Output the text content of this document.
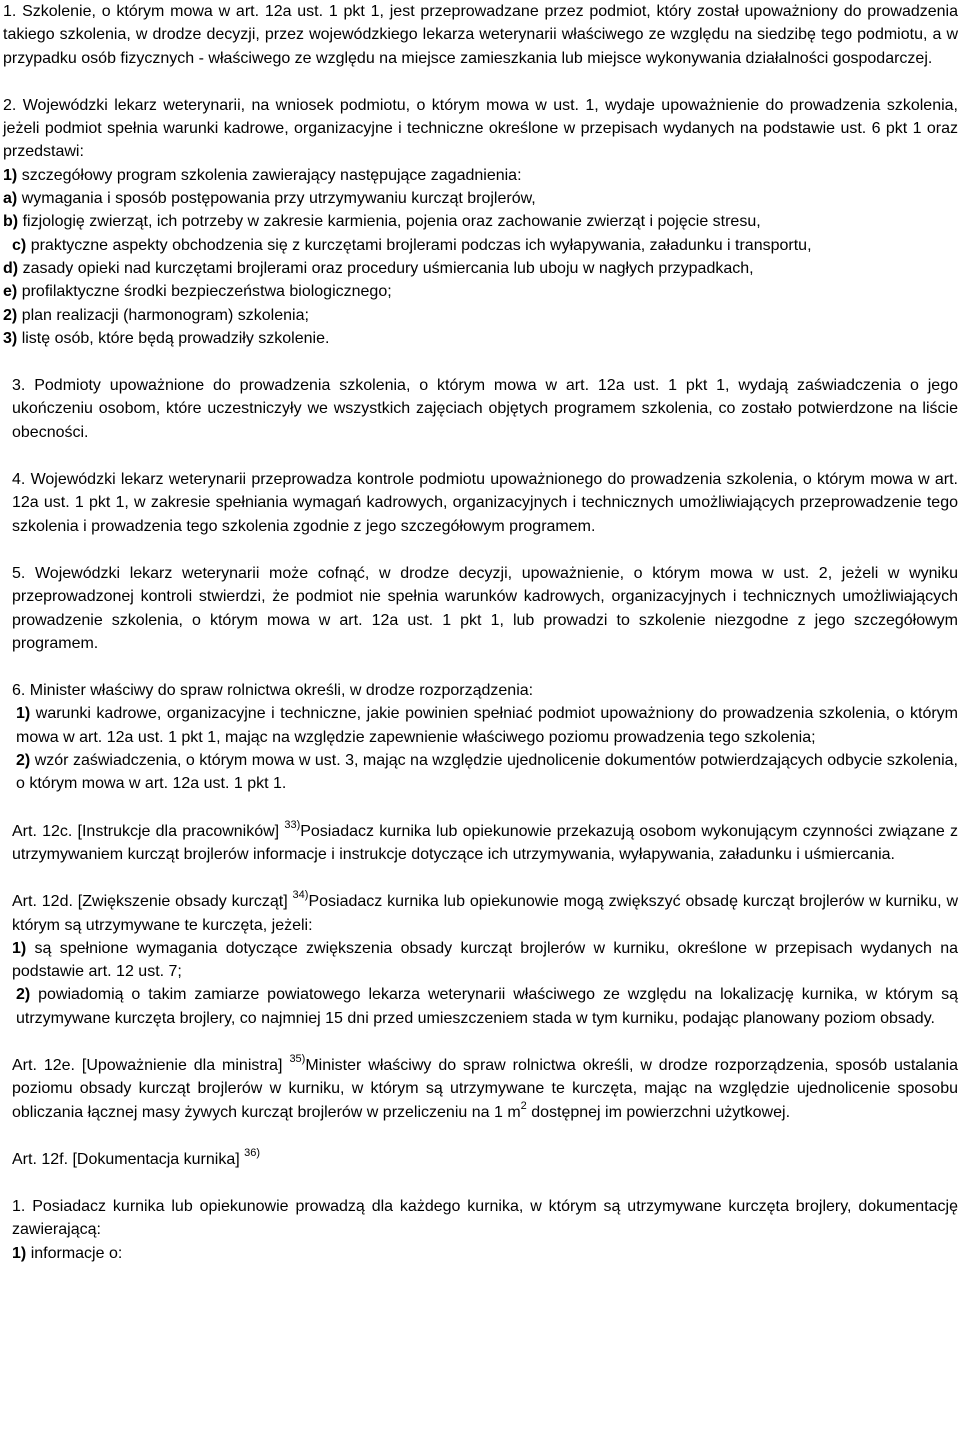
1. Szkolenie, o którym mowa w art. 12a ust. 1 pkt 1, jest przeprowadzane przez podmiot, który został upoważniony do prowadzenia takiego szkolenia, w drodze decyzji, przez wojewódzkiego lekarza weterynarii właściwego ze względu na siedzibę tego podmiotu, a w przypadku osób fizycznych - właściwego ze względu na miejsce zamieszkania lub miejsce wykonywania działalności gospodarczej.

2. Wojewódzki lekarz weterynarii, na wniosek podmiotu, o którym mowa w ust. 1, wydaje upoważnienie do prowadzenia szkolenia, jeżeli podmiot spełnia warunki kadrowe, organizacyjne i techniczne określone w przepisach wydanych na podstawie ust. 6 pkt 1 oraz przedstawi:

1) szczegółowy program szkolenia zawierający następujące zagadnienia:

a) wymagania i sposób postępowania przy utrzymywaniu kurcząt brojlerów,

b) fizjologię zwierząt, ich potrzeby w zakresie karmienia, pojenia oraz zachowanie zwierząt i pojęcie stresu,

c) praktyczne aspekty obchodzenia się z kurczętami brojlerami podczas ich wyłapywania, załadunku i transportu,

d) zasady opieki nad kurczętami brojlerami oraz procedury uśmiercania lub uboju w nagłych przypadkach,

e) profilaktyczne środki bezpieczeństwa biologicznego;

2) plan realizacji (harmonogram) szkolenia;

3) listę osób, które będą prowadziły szkolenie.

3. Podmioty upoważnione do prowadzenia szkolenia, o którym mowa w art. 12a ust. 1 pkt 1, wydają zaświadczenia o jego ukończeniu osobom, które uczestniczyły we wszystkich zajęciach objętych programem szkolenia, co zostało potwierdzone na liście obecności.

4. Wojewódzki lekarz weterynarii przeprowadza kontrole podmiotu upoważnionego do prowadzenia szkolenia, o którym mowa w art. 12a ust. 1 pkt 1, w zakresie spełniania wymagań kadrowych, organizacyjnych i technicznych umożliwiających przeprowadzenie tego szkolenia i prowadzenia tego szkolenia zgodnie z jego szczegółowym programem.

5. Wojewódzki lekarz weterynarii może cofnąć, w drodze decyzji, upoważnienie, o którym mowa w ust. 2, jeżeli w wyniku przeprowadzonej kontroli stwierdzi, że podmiot nie spełnia warunków kadrowych, organizacyjnych i technicznych umożliwiających prowadzenie szkolenia, o którym mowa w art. 12a ust. 1 pkt 1, lub prowadzi to szkolenie niezgodne z jego szczegółowym programem.

6. Minister właściwy do spraw rolnictwa określi, w drodze rozporządzenia:

1) warunki kadrowe, organizacyjne i techniczne, jakie powinien spełniać podmiot upoważniony do prowadzenia szkolenia, o którym mowa w art. 12a ust. 1 pkt 1, mając na względzie zapewnienie właściwego poziomu prowadzenia tego szkolenia;

2) wzór zaświadczenia, o którym mowa w ust. 3, mając na względzie ujednolicenie dokumentów potwierdzających odbycie szkolenia, o którym mowa w art. 12a ust. 1 pkt 1.

Art. 12c. [Instrukcje dla pracowników] $^{33)}$Posiadacz kurnika lub opiekunowie przekazują osobom wykonującym czynności związane z utrzymywaniem kurcząt brojlerów informacje i instrukcje dotyczące ich utrzymywania, wyłapywania, załadunku i uśmiercania.

Art. 12d. [Zwiększenie obsady kurcząt] $^{34)}$Posiadacz kurnika lub opiekunowie mogą zwiększyć obsadę kurcząt brojlerów w kurniku, w którym są utrzymywane te kurczęta, jeżeli:

1) są spełnione wymagania dotyczące zwiększenia obsady kurcząt brojlerów w kurniku, określone w przepisach wydanych na podstawie art. 12 ust. 7;

2) powiadomią o takim zamiarze powiatowego lekarza weterynarii właściwego ze względu na lokalizację kurnika, w którym są utrzymywane kurczęta brojlery, co najmniej 15 dni przed umieszczeniem stada w tym kurniku, podając planowany poziom obsady.

Art. 12e. [Upoważnienie dla ministra] $^{35)}$Minister właściwy do spraw rolnictwa określi, w drodze rozporządzenia, sposób ustalania poziomu obsady kurcząt brojlerów w kurniku, w którym są utrzymywane te kurczęta, mając na względzie ujednolicenie sposobu obliczania łącznej masy żywych kurcząt brojlerów w przeliczeniu na 1 $m^2$ dostępnej im powierzchni użytkowej.

Art. 12f. [Dokumentacja kurnika] $^{36)}$

1. Posiadacz kurnika lub opiekunowie prowadzą dla każdego kurnika, w którym są utrzymywane kurczęta brojlery, dokumentację zawierającą:

1) informacje o:
